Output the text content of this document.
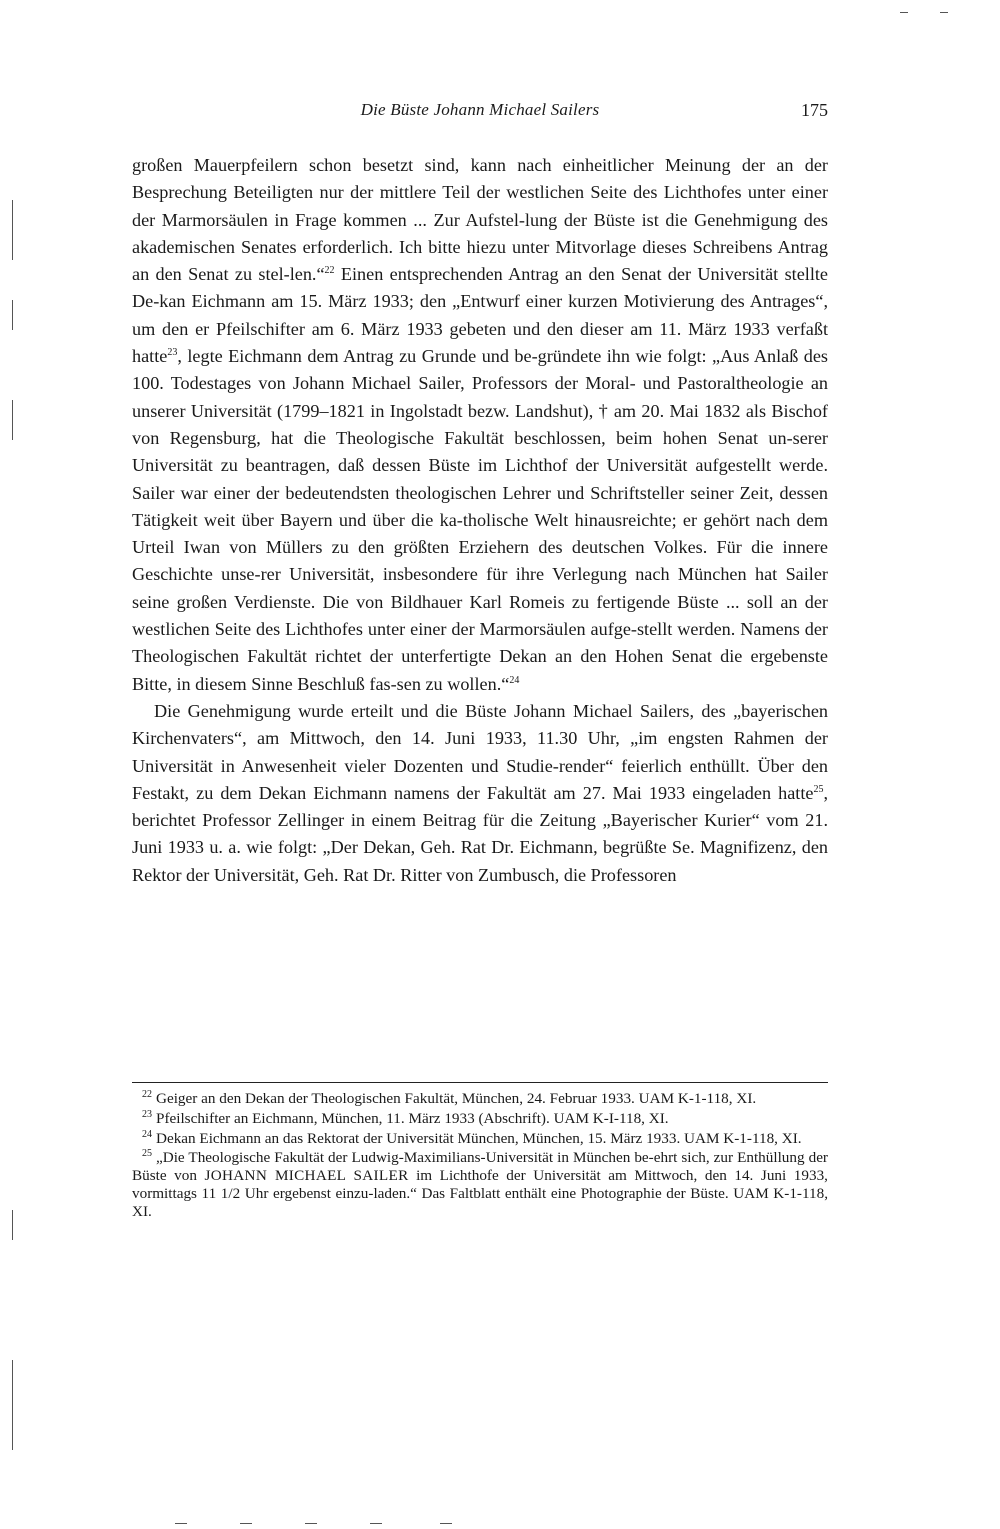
Die Büste Johann Michael Sailers	175

großen Mauerpfeilern schon besetzt sind, kann nach einheitlicher Meinung der an der Besprechung Beteiligten nur der mittlere Teil der westlichen Seite des Lichthofes unter einer der Marmorsäulen in Frage kommen ... Zur Aufstel-lung der Büste ist die Genehmigung des akademischen Senates erforderlich. Ich bitte hiezu unter Mitvorlage dieses Schreibens Antrag an den Senat zu stel-len.“$^{22}$ Einen entsprechenden Antrag an den Senat der Universität stellte De-kan Eichmann am 15. März 1933; den „Entwurf einer kurzen Motivierung des Antrages“, um den er Pfeilschifter am 6. März 1933 gebeten und den dieser am 11. März 1933 verfaßt hatte$^{23}$, legte Eichmann dem Antrag zu Grunde und be-gründete ihn wie folgt: „Aus Anlaß des 100. Todestages von Johann Michael Sailer, Professors der Moral- und Pastoraltheologie an unserer Universität (1799–1821 in Ingolstadt bezw. Landshut), † am 20. Mai 1832 als Bischof von Regensburg, hat die Theologische Fakultät beschlossen, beim hohen Senat un-serer Universität zu beantragen, daß dessen Büste im Lichthof der Universität aufgestellt werde. Sailer war einer der bedeutendsten theologischen Lehrer und Schriftsteller seiner Zeit, dessen Tätigkeit weit über Bayern und über die ka-tholische Welt hinausreichte; er gehört nach dem Urteil Iwan von Müllers zu den größten Erziehern des deutschen Volkes. Für die innere Geschichte unse-rer Universität, insbesondere für ihre Verlegung nach München hat Sailer seine großen Verdienste. Die von Bildhauer Karl Romeis zu fertigende Büste ... soll an der westlichen Seite des Lichthofes unter einer der Marmorsäulen aufge-stellt werden. Namens der Theologischen Fakultät richtet der unterfertigte Dekan an den Hohen Senat die ergebenste Bitte, in diesem Sinne Beschluß fas-sen zu wollen.“$^{24}$

Die Genehmigung wurde erteilt und die Büste Johann Michael Sailers, des „bayerischen Kirchenvaters“, am Mittwoch, den 14. Juni 1933, 11.30 Uhr, „im engsten Rahmen der Universität in Anwesenheit vieler Dozenten und Studie-render“ feierlich enthüllt. Über den Festakt, zu dem Dekan Eichmann namens der Fakultät am 27. Mai 1933 eingeladen hatte$^{25}$, berichtet Professor Zellinger in einem Beitrag für die Zeitung „Bayerischer Kurier“ vom 21. Juni 1933 u. a. wie folgt: „Der Dekan, Geh. Rat Dr. Eichmann, begrüßte Se. Magnifizenz, den Rektor der Universität, Geh. Rat Dr. Ritter von Zumbusch, die Professoren

$^{22}$ Geiger an den Dekan der Theologischen Fakultät, München, 24. Februar 1933. UAM K-1-118, XI.

$^{23}$ Pfeilschifter an Eichmann, München, 11. März 1933 (Abschrift). UAM K-I-118, XI.

$^{24}$ Dekan Eichmann an das Rektorat der Universität München, München, 15. März 1933. UAM K-1-118, XI.

$^{25}$ „Die Theologische Fakultät der Ludwig-Maximilians-Universität in München be-ehrt sich, zur Enthüllung der Büste von JOHANN MICHAEL SAILER im Lichthofe der Universität am Mittwoch, den 14. Juni 1933, vormittags 11 1/2 Uhr ergebenst einzu-laden.“ Das Faltblatt enthält eine Photographie der Büste. UAM K-1-118, XI.
